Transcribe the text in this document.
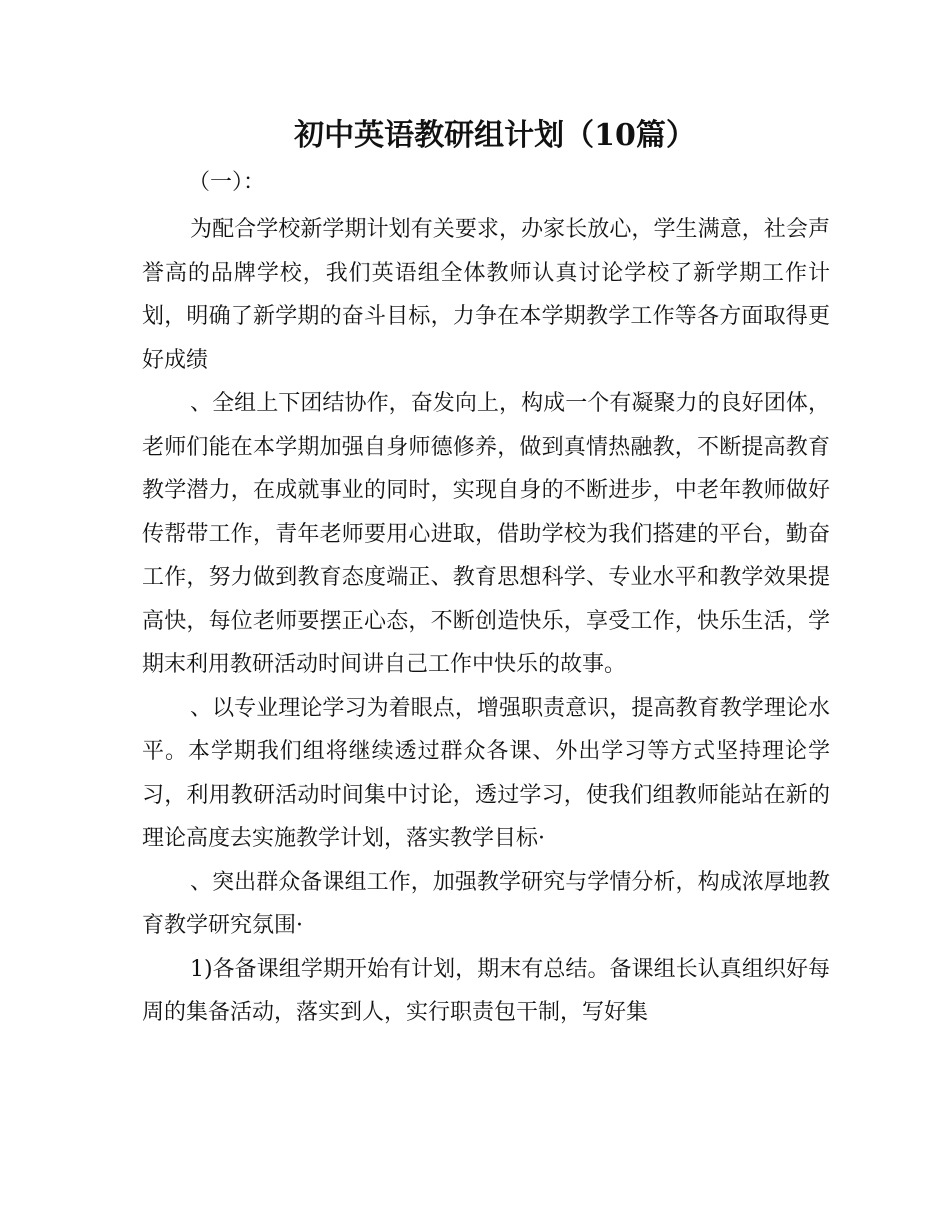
初中英语教研组计划（10篇）
（一）：

为配合学校新学期计划有关要求，办家长放心，学生满意，社会声誉高的品牌学校，我们英语组全体教师认真讨论学校了新学期工作计划，明确了新学期的奋斗目标，力争在本学期教学工作等各方面取得更好成绩

、全组上下团结协作，奋发向上，构成一个有凝聚力的良好团体，老师们能在本学期加强自身师德修养，做到真情热融教，不断提高教育教学潜力，在成就事业的同时，实现自身的不断进步，中老年教师做好传帮带工作，青年老师要用心进取，借助学校为我们搭建的平台，勤奋工作，努力做到教育态度端正、教育思想科学、专业水平和教学效果提高快，每位老师要摆正心态，不断创造快乐，享受工作，快乐生活，学期末利用教研活动时间讲自己工作中快乐的故事。

、以专业理论学习为着眼点，增强职责意识，提高教育教学理论水平。本学期我们组将继续透过群众各课、外出学习等方式坚持理论学习，利用教研活动时间集中讨论，透过学习，使我们组教师能站在新的理论高度去实施教学计划，落实教学目标·

、突出群众备课组工作，加强教学研究与学情分析，构成浓厚地教育教学研究氛围·

1)各备课组学期开始有计划，期末有总结。备课组长认真组织好每周的集备活动，落实到人，实行职责包干制，写好集
